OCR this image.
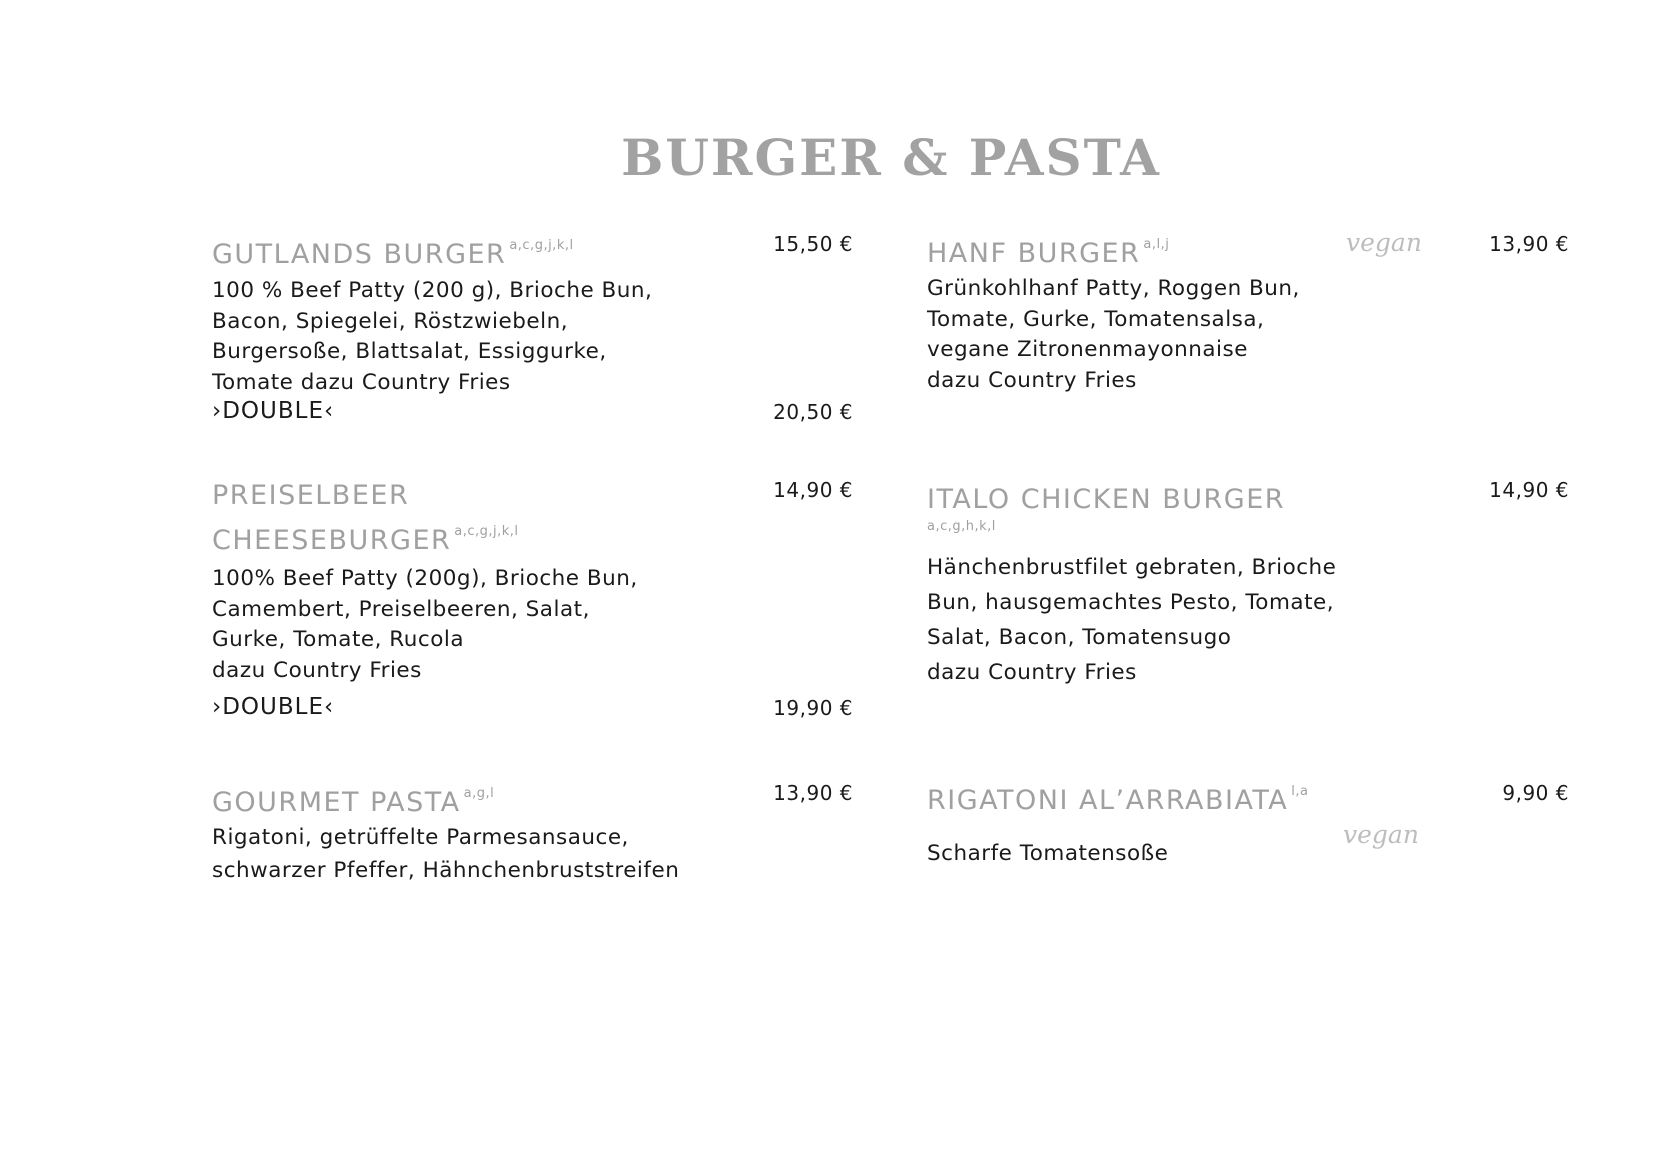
BURGER & PASTA
GUTLANDS BURGER $^{a,c,g,j,k,l}$
100 % Beef Patty (200 g), Brioche Bun,
Bacon, Spiegelei, Röstzwiebeln,
Burgersoße, Blattsalat, Essiggurke,
Tomate dazu Country Fries
15,50 €
›DOUBLE‹	20,50 €
HANF BURGER $^{a,l,j}$
Grünkohlhanf Patty, Roggen Bun,
Tomate, Gurke, Tomatensalsa,
vegane Zitronenmayonnaise
dazu Country Fries
vegan	13,90 €
PREISELBEER
CHEESEBURGER $^{a,c,g,j,k,l}$
100% Beef Patty (200g), Brioche Bun,
Camembert, Preiselbeeren, Salat,
Gurke, Tomate, Rucola
dazu Country Fries
14,90 €
›DOUBLE‹	19,90 €
ITALO CHICKEN BURGER
a,c,g,h,k,l
Hänchenbrustfilet gebraten, Brioche
Bun, hausgemachtes Pesto, Tomate,
Salat, Bacon, Tomatensugo
dazu Country Fries
14,90 €
GOURMET PASTA $^{a,g,l}$
Rigatoni, getrüffelte Parmesansauce,
schwarzer Pfeffer, Hähnchenbruststreifen
13,90 €	RIGATONI AL’ARRABIATA $^{l,a}$
Scharfe Tomatensoße
vegan
9,90 €
